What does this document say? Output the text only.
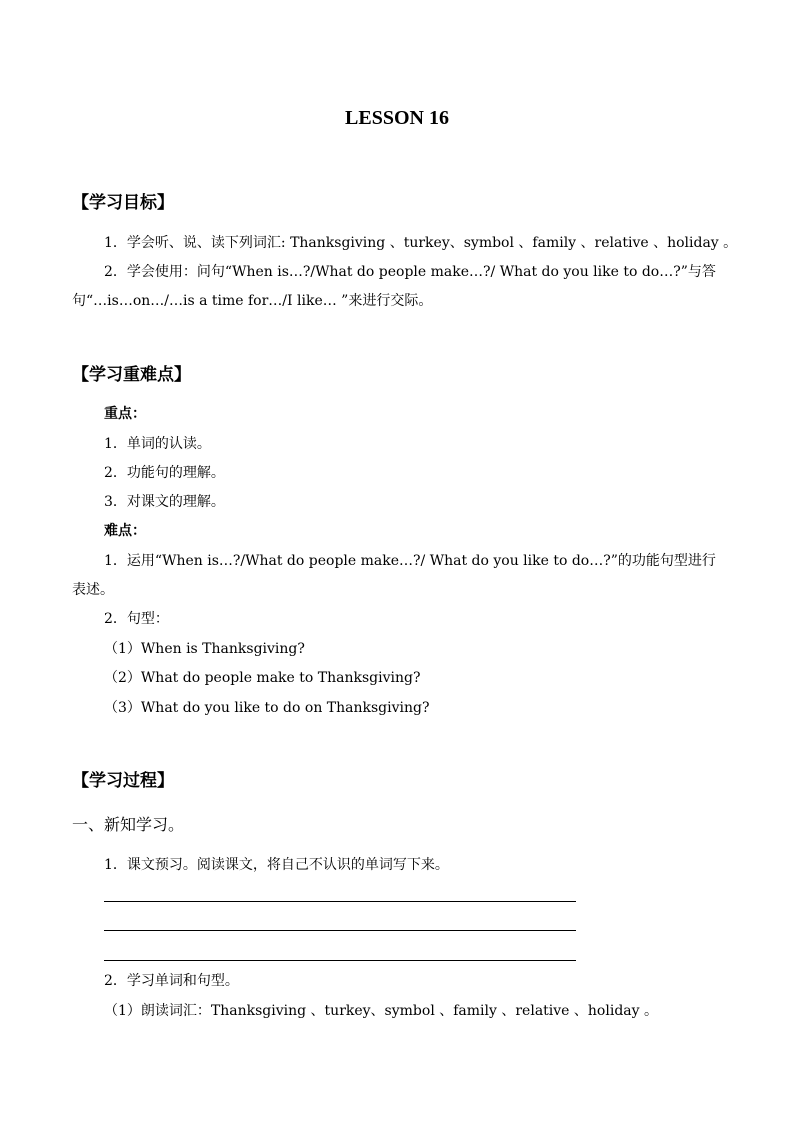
LESSON 16
【学习目标】
1．学会听、说、读下列词汇: Thanksgiving 、turkey、symbol 、family 、relative 、holiday 。
2．学会使用：问句“When is…?/What do people make…?/ What do you like to do…?”与答
句“…is…on…/…is a time for…/I like… ”来进行交际。
【学习重难点】
重点：
1．单词的认读。
2．功能句的理解。
3．对课文的理解。
难点：
1．运用“When is…?/What do people make…?/ What do you like to do…?”的功能句型进行
表述。
2．句型：
（1）When is Thanksgiving?
（2）What do people make to Thanksgiving?
（3）What do you like to do on Thanksgiving?
【学习过程】
一、新知学习。
1．课文预习。阅读课文，将自己不认识的单词写下来。
2．学习单词和句型。
（1）朗读词汇：Thanksgiving 、turkey、symbol 、family 、relative 、holiday 。
